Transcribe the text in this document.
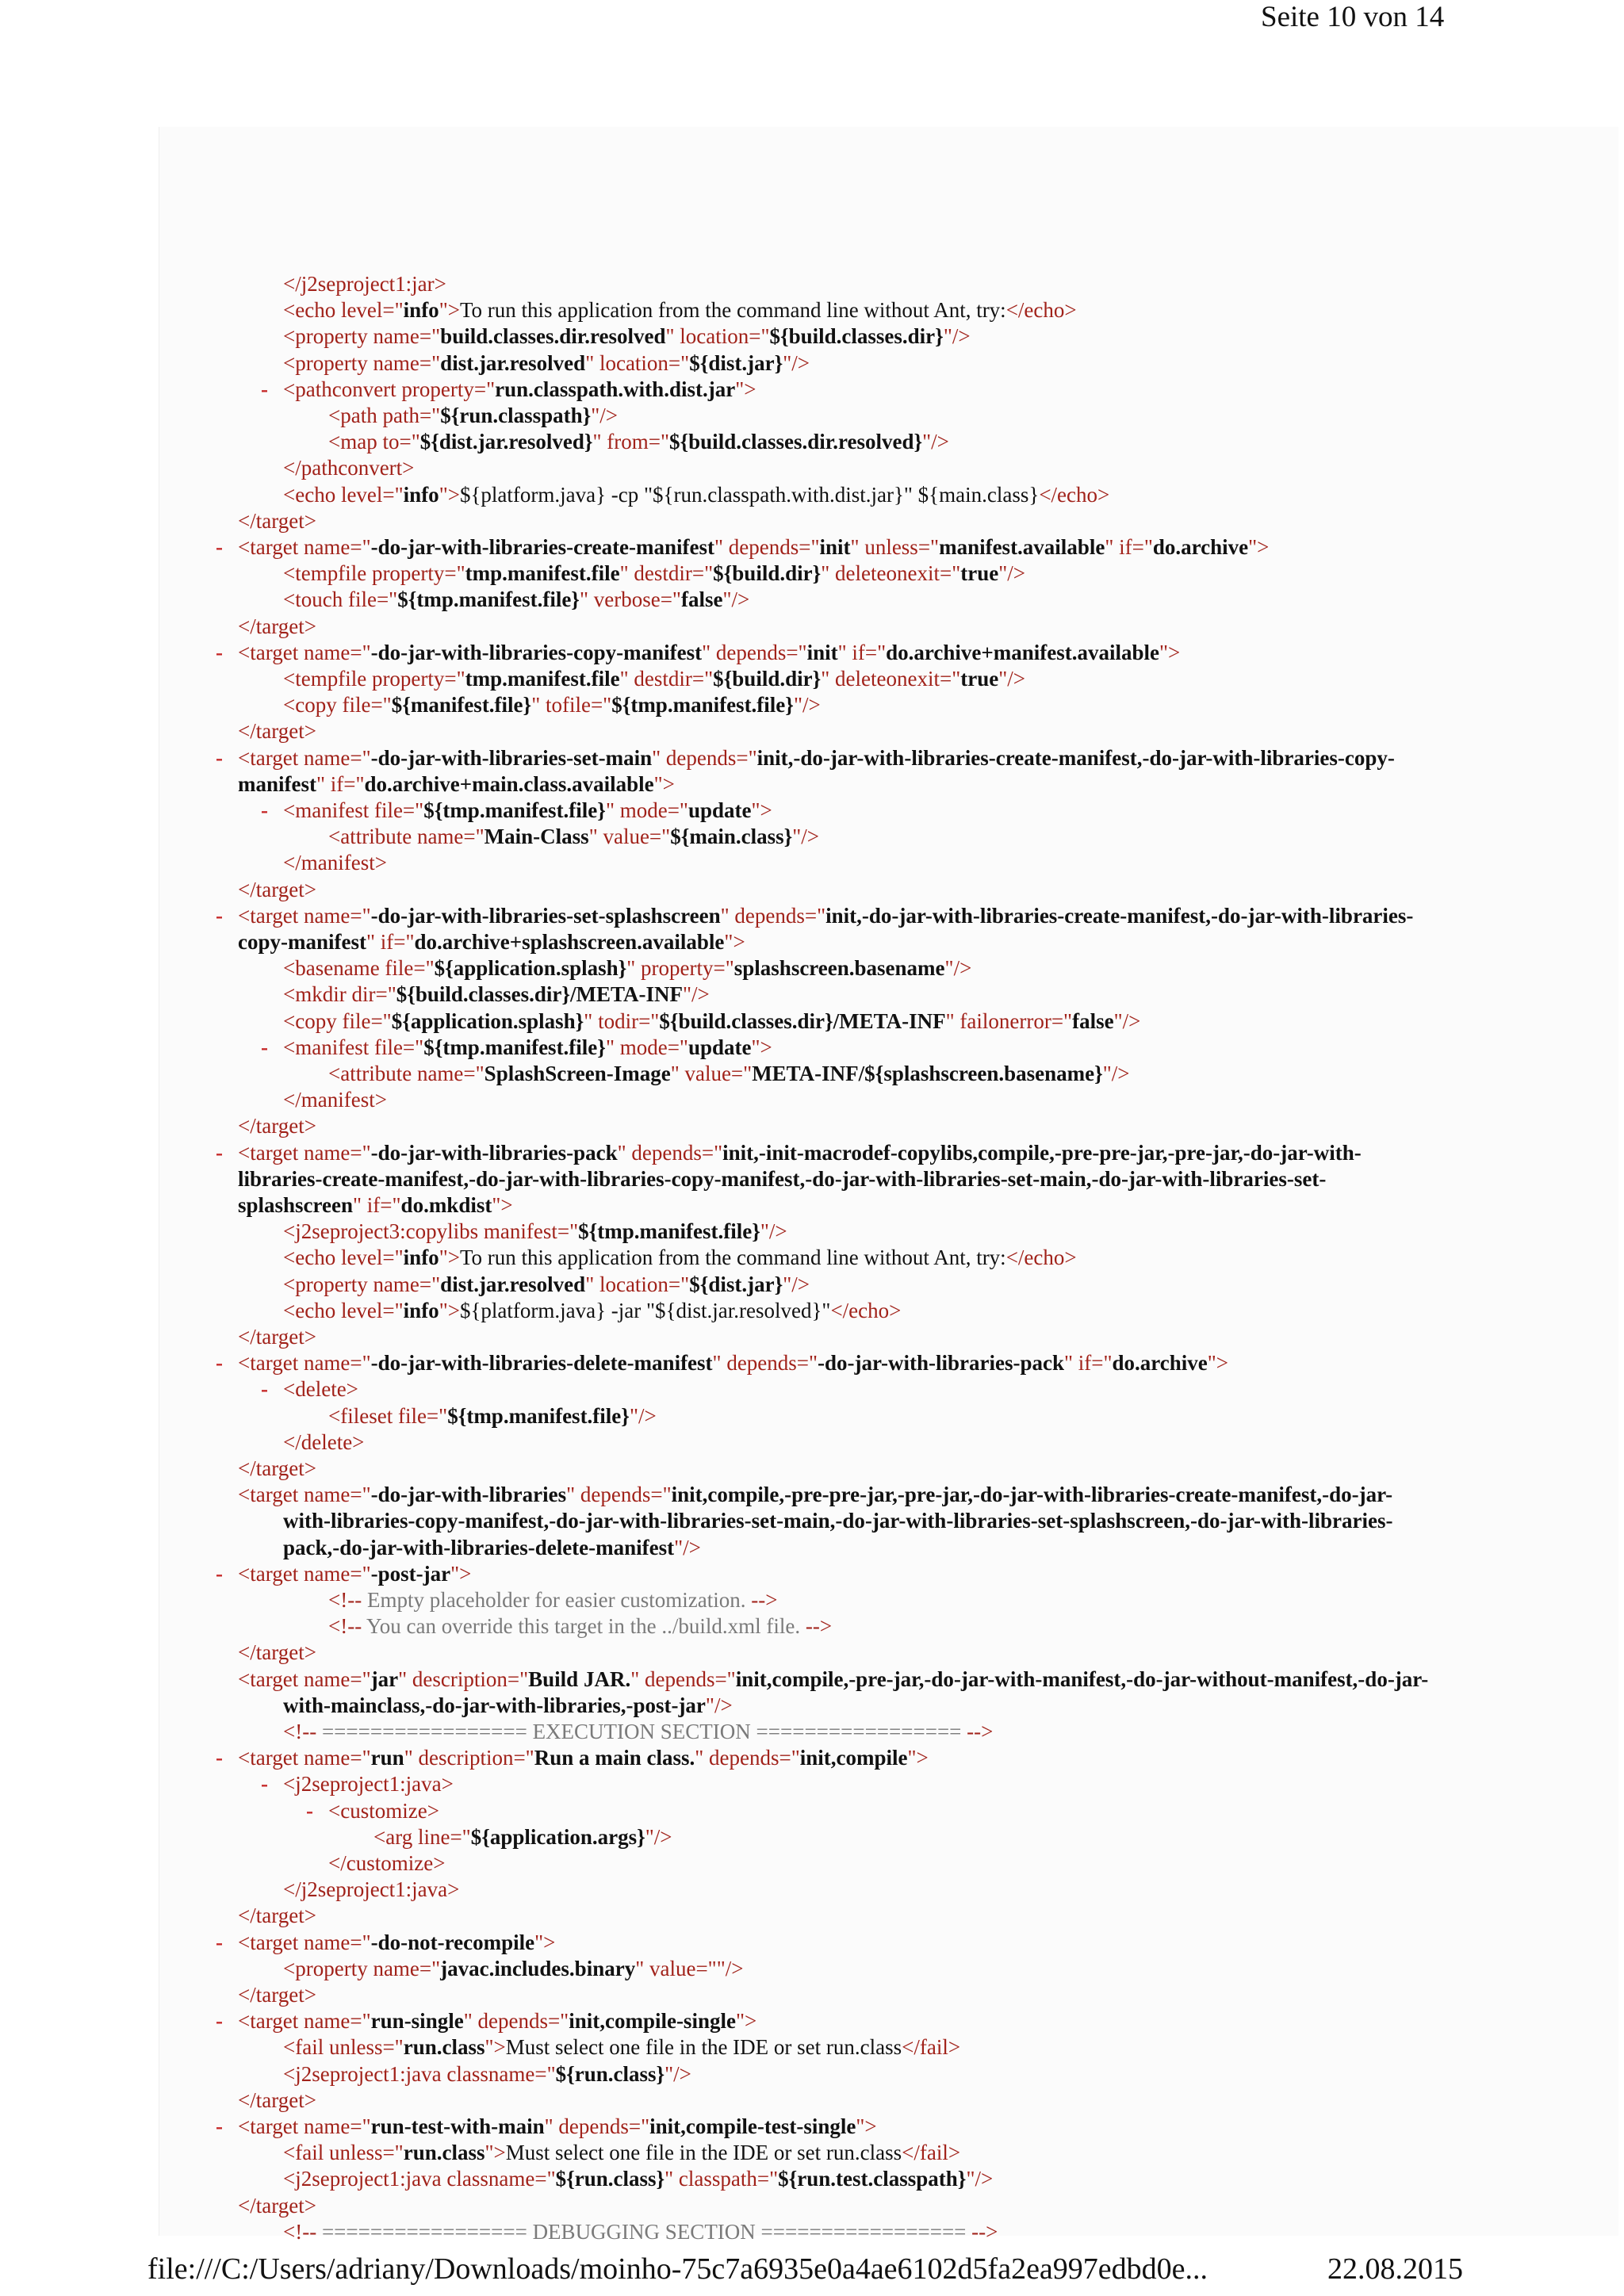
Seite 10 von 14
</j2seproject1:jar>
<echo level="info">To run this application from the command line without Ant, try:</echo>
<property name="build.classes.dir.resolved" location="${build.classes.dir}"/>
<property name="dist.jar.resolved" location="${dist.jar}"/>
- <pathconvert property="run.classpath.with.dist.jar">
<path path="${run.classpath}"/>
<map to="${dist.jar.resolved}" from="${build.classes.dir.resolved}"/>
</pathconvert>
<echo level="info">${platform.java} -cp "${run.classpath.with.dist.jar}" ${main.class}</echo>
</target>
- <target name="-do-jar-with-libraries-create-manifest" depends="init" unless="manifest.available" if="do.archive">
<tempfile property="tmp.manifest.file" destdir="${build.dir}" deleteonexit="true"/>
<touch file="${tmp.manifest.file}" verbose="false"/>
</target>
- <target name="-do-jar-with-libraries-copy-manifest" depends="init" if="do.archive+manifest.available">
<tempfile property="tmp.manifest.file" destdir="${build.dir}" deleteonexit="true"/>
<copy file="${manifest.file}" tofile="${tmp.manifest.file}"/>
</target>
- <target name="-do-jar-with-libraries-set-main" depends="init,-do-jar-with-libraries-create-manifest,-do-jar-with-libraries-copy-
manifest" if="do.archive+main.class.available">
- <manifest file="${tmp.manifest.file}" mode="update">
<attribute name="Main-Class" value="${main.class}"/>
</manifest>
</target>
- <target name="-do-jar-with-libraries-set-splashscreen" depends="init,-do-jar-with-libraries-create-manifest,-do-jar-with-libraries-
copy-manifest" if="do.archive+splashscreen.available">
<basename file="${application.splash}" property="splashscreen.basename"/>
<mkdir dir="${build.classes.dir}/META-INF"/>
<copy file="${application.splash}" todir="${build.classes.dir}/META-INF" failonerror="false"/>
- <manifest file="${tmp.manifest.file}" mode="update">
<attribute name="SplashScreen-Image" value="META-INF/${splashscreen.basename}"/>
</manifest>
</target>
- <target name="-do-jar-with-libraries-pack" depends="init,-init-macrodef-copylibs,compile,-pre-pre-jar,-pre-jar,-do-jar-with-
libraries-create-manifest,-do-jar-with-libraries-copy-manifest,-do-jar-with-libraries-set-main,-do-jar-with-libraries-set-
splashscreen" if="do.mkdist">
<j2seproject3:copylibs manifest="${tmp.manifest.file}"/>
<echo level="info">To run this application from the command line without Ant, try:</echo>
<property name="dist.jar.resolved" location="${dist.jar}"/>
<echo level="info">${platform.java} -jar "${dist.jar.resolved}"</echo>
</target>
- <target name="-do-jar-with-libraries-delete-manifest" depends="-do-jar-with-libraries-pack" if="do.archive">
- <delete>
<fileset file="${tmp.manifest.file}"/>
</delete>
</target>
<target name="-do-jar-with-libraries" depends="init,compile,-pre-pre-jar,-pre-jar,-do-jar-with-libraries-create-manifest,-do-jar-
with-libraries-copy-manifest,-do-jar-with-libraries-set-main,-do-jar-with-libraries-set-splashscreen,-do-jar-with-libraries-
pack,-do-jar-with-libraries-delete-manifest"/>
- <target name="-post-jar">
<!-- Empty placeholder for easier customization. -->
<!-- You can override this target in the ../build.xml file. -->
</target>
<target name="jar" description="Build JAR." depends="init,compile,-pre-jar,-do-jar-with-manifest,-do-jar-without-manifest,-do-jar-
with-mainclass,-do-jar-with-libraries,-post-jar"/>
<!-- ================= EXECUTION SECTION ================= -->
- <target name="run" description="Run a main class." depends="init,compile">
- <j2seproject1:java>
- <customize>
<arg line="${application.args}"/>
</customize>
</j2seproject1:java>
</target>
- <target name="-do-not-recompile">
<property name="javac.includes.binary" value=""/>
</target>
- <target name="run-single" depends="init,compile-single">
<fail unless="run.class">Must select one file in the IDE or set run.class</fail>
<j2seproject1:java classname="${run.class}"/>
</target>
- <target name="run-test-with-main" depends="init,compile-test-single">
<fail unless="run.class">Must select one file in the IDE or set run.class</fail>
<j2seproject1:java classname="${run.class}" classpath="${run.test.classpath}"/>
</target>
<!-- ================= DEBUGGING SECTION ================= -->
file:///C:/Users/adriany/Downloads/moinho-75c7a6935e0a4ae6102d5fa2ea997edbd0e...	22.08.2015
